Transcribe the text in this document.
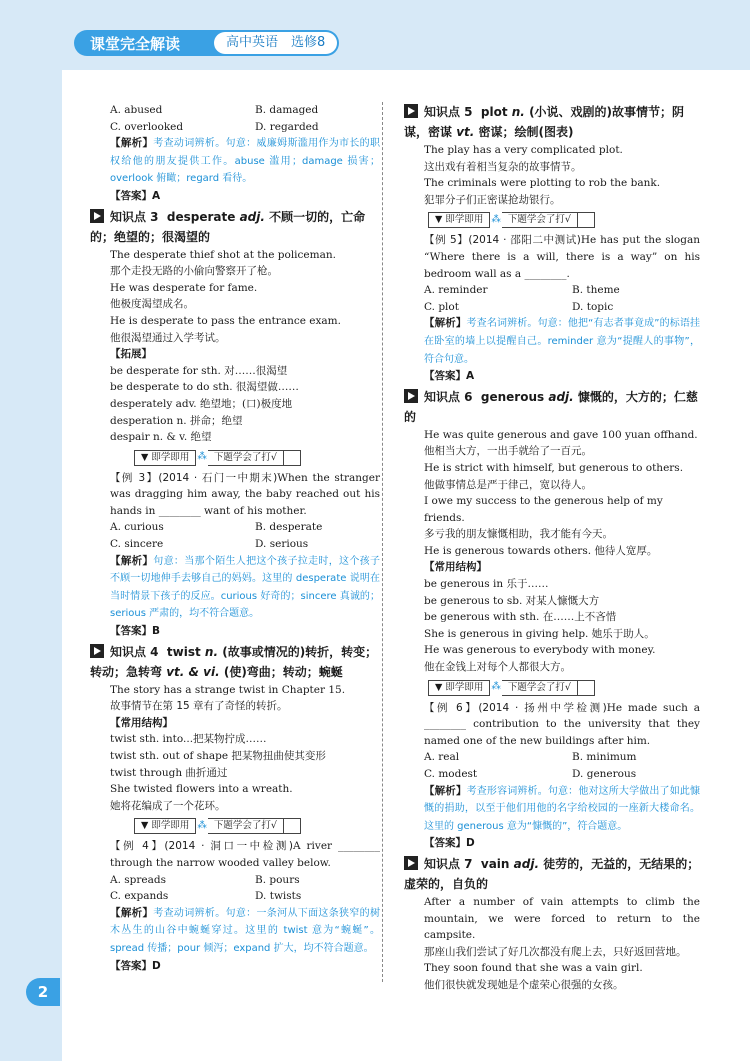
课堂完全解读	高中英语　选修8
2
A. abused	B. damaged
C. overlooked	D. regarded

【解析】考查动词辨析。句意：威廉姆斯滥用作为市长的职权给他的朋友提供工作。abuse 滥用；damage 损害；overlook 俯瞰；regard 看待。

【答案】A

知识点 3 desperate adj. 不顾一切的，亡命的；绝望的；很渴望的

The desperate thief shot at the policeman.

那个走投无路的小偷向警察开了枪。

He was desperate for fame.

他极度渴望成名。

He is desperate to pass the entrance exam.

他很渴望通过入学考试。

【拓展】

be desperate for sth. 对……很渴望

be desperate to do sth. 很渴望做……

desperately adv. 绝望地；(口)极度地

desperation n. 拼命；绝望

despair n. & v. 绝望

▼ 即学即用 ⁂ 下题学会了打√

【例 3】(2014 · 石门一中期末)When the stranger was dragging him away, the baby reached out his hands in ________ want of his mother.

A. curious	B. desperate
C. sincere	D. serious

【解析】句意：当那个陌生人把这个孩子拉走时，这个孩子不顾一切地伸手去够自己的妈妈。这里的 desperate 说明在当时情景下孩子的反应。curious 好奇的；sincere 真诚的；serious 严肃的，均不符合题意。

【答案】B

知识点 4 twist n. (故事或情况的)转折，转变；转动；急转弯 vt. & vi. (使)弯曲；转动；蜿蜒

The story has a strange twist in Chapter 15.

故事情节在第 15 章有了奇怪的转折。

【常用结构】

twist sth. into...把某物拧成……

twist sth. out of shape 把某物扭曲使其变形

twist through 曲折通过

She twisted flowers into a wreath.

她将花编成了一个花环。

▼ 即学即用 ⁂ 下题学会了打√

【例 4】(2014 · 洞口一中检测)A river ________ through the narrow wooded valley below.

A. spreads	B. pours
C. expands	D. twists

【解析】考查动词辨析。句意：一条河从下面这条狭窄的树木丛生的山谷中蜿蜒穿过。这里的 twist 意为“蜿蜒”。spread 传播；pour 倾泻；expand 扩大，均不符合题意。

【答案】D

知识点 5 plot n. (小说、戏剧的)故事情节；阴谋，密谋 vt. 密谋；绘制(图表)

The play has a very complicated plot.

这出戏有着相当复杂的故事情节。

The criminals were plotting to rob the bank.

犯罪分子们正密谋抢劫银行。

▼ 即学即用 ⁂ 下题学会了打√

【例 5】(2014 · 邵阳二中测试)He has put the slogan “Where there is a will, there is a way” on his bedroom wall as a ________.

A. reminder	B. theme
C. plot	D. topic

【解析】考查名词辨析。句意：他把“有志者事竟成”的标语挂在卧室的墙上以提醒自己。reminder 意为“提醒人的事物”，符合句意。

【答案】A

知识点 6 generous adj. 慷慨的，大方的；仁慈的

He was quite generous and gave 100 yuan offhand.

他相当大方，一出手就给了一百元。

He is strict with himself, but generous to others.

他做事情总是严于律己，宽以待人。

I owe my success to the generous help of my friends.

多亏我的朋友慷慨相助，我才能有今天。

He is generous towards others. 他待人宽厚。

【常用结构】

be generous in 乐于……

be generous to sb. 对某人慷慨大方

be generous with sth. 在……上不吝惜

She is generous in giving help. 她乐于助人。

He was generous to everybody with money.

他在金钱上对每个人都很大方。

▼ 即学即用 ⁂ 下题学会了打√

【例 6】(2014 · 扬州中学检测)He made such a ________ contribution to the university that they named one of the new buildings after him.

A. real	B. minimum
C. modest	D. generous

【解析】考查形容词辨析。句意：他对这所大学做出了如此慷慨的捐助，以至于他们用他的名字给校园的一座新大楼命名。这里的 generous 意为“慷慨的”，符合题意。

【答案】D

知识点 7 vain adj. 徒劳的，无益的，无结果的；虚荣的，自负的

After a number of vain attempts to climb the mountain, we were forced to return to the campsite.

那座山我们尝试了好几次都没有爬上去，只好返回营地。

They soon found that she was a vain girl.

他们很快就发现她是个虚荣心很强的女孩。
